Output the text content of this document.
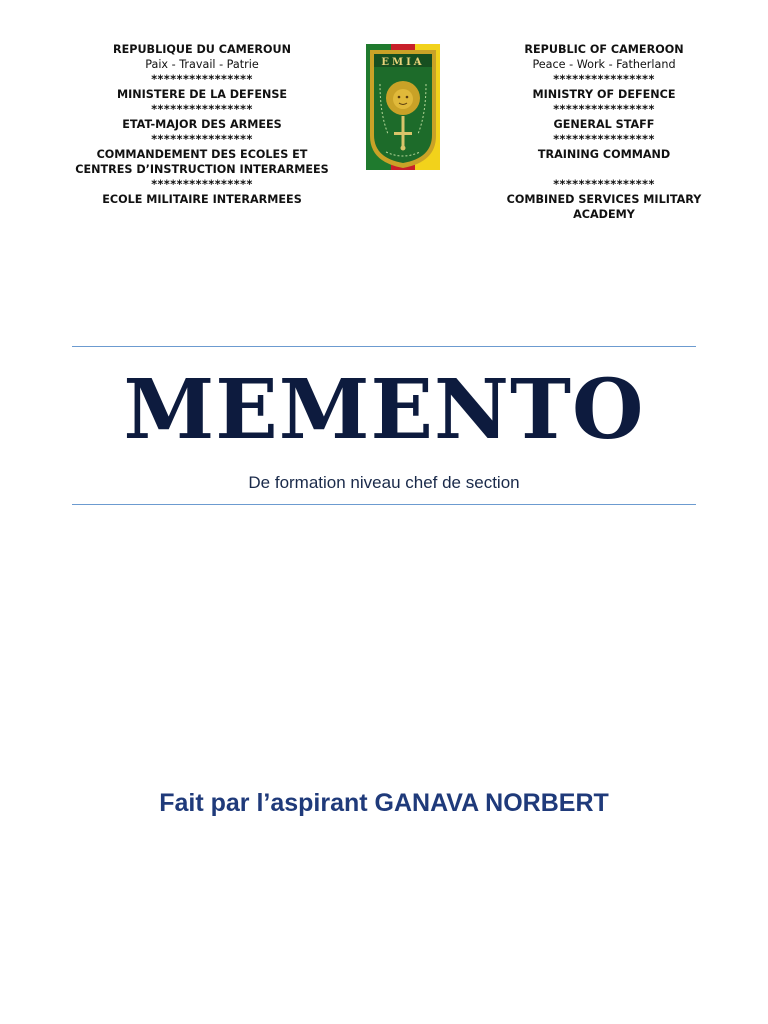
REPUBLIQUE DU CAMEROUN
Paix - Travail - Patrie
****************
MINISTERE DE LA DEFENSE
****************
ETAT-MAJOR DES ARMEES
****************
COMMANDEMENT DES ECOLES ET
CENTRES D’INSTRUCTION INTERARMEES
****************
ECOLE MILITAIRE INTERARMEES
EMIA
REPUBLIC OF CAMEROON
Peace - Work - Fatherland
****************
MINISTRY OF DEFENCE
****************
GENERAL STAFF
****************
TRAINING COMMAND
****************
COMBINED SERVICES MILITARY
ACADEMY
MEMENTO
De formation niveau chef de section
Fait par l’aspirant GANAVA NORBERT
